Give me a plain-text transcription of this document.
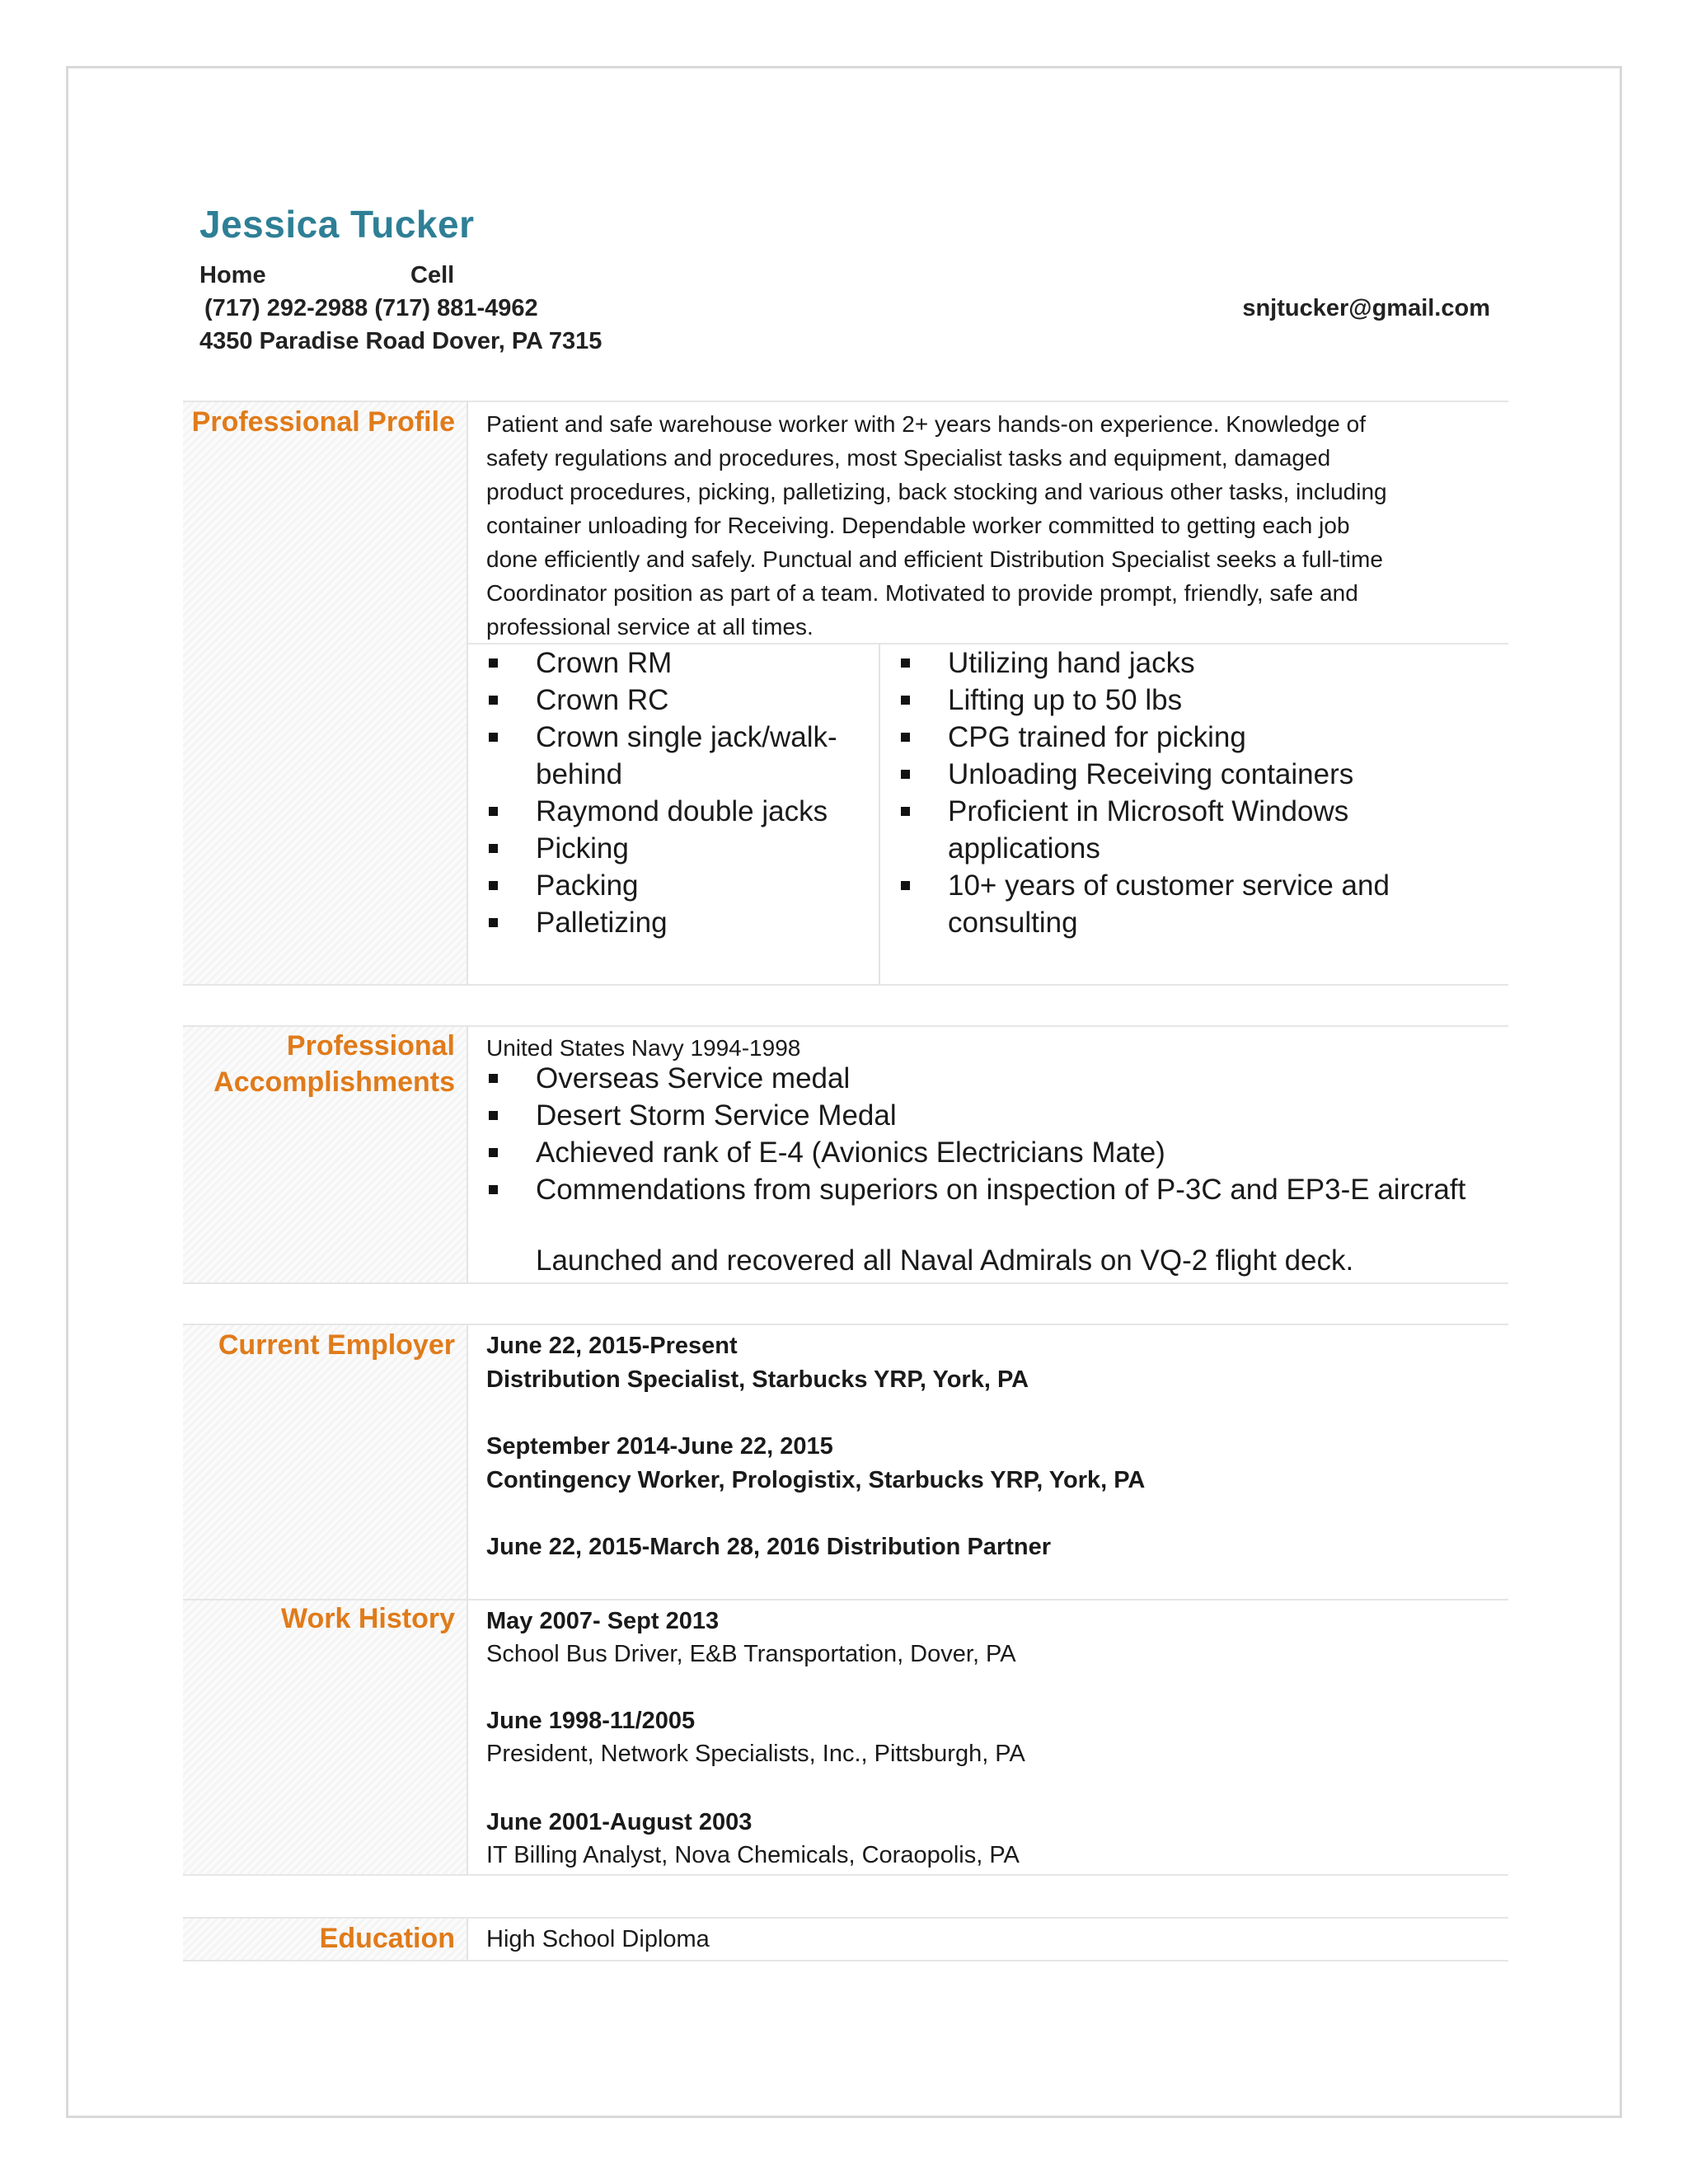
Jessica Tucker
Home	Cell
(717) 292-2988 (717) 881-4962	snjtucker@gmail.com
4350 Paradise Road Dover, PA 7315
Professional Profile Patient and safe warehouse worker with 2+ years hands-on experience. Knowledge of
safety regulations and procedures, most Specialist tasks and equipment, damaged
product procedures, picking, palletizing, back stocking and various other tasks, including
container unloading for Receiving. Dependable worker committed to getting each job
done efficiently and safely. Punctual and efficient Distribution Specialist seeks a full-time
Coordinator position as part of a team. Motivated to provide prompt, friendly, safe and
professional service at all times.
Crown RM
Crown RC
Crown single jack/walk-behind
Raymond double jacks
Picking
Packing
Palletizing
Utilizing hand jacks
Lifting up to 50 lbs
CPG trained for picking
Unloading Receiving containers
Proficient in Microsoft Windows applications
10+ years of customer service and consulting
Professional
Accomplishments
United States Navy 1994-1998
Overseas Service medal
Desert Storm Service Medal
Achieved rank of E-4 (Avionics Electricians Mate)
Commendations from superiors on inspection of P-3C and EP3-E aircraft
Launched and recovered all Naval Admirals on VQ-2 flight deck.
Current Employer June 22, 2015-Present
Distribution Specialist, Starbucks YRP, York, PA
September 2014-June 22, 2015
Contingency Worker, Prologistix, Starbucks YRP, York, PA
June 22, 2015-March 28, 2016 Distribution Partner
Work History May 2007- Sept 2013
School Bus Driver, E&B Transportation, Dover, PA
June 1998-11/2005
President, Network Specialists, Inc., Pittsburgh, PA
June 2001-August 2003
IT Billing Analyst, Nova Chemicals, Coraopolis, PA
Education High School Diploma
